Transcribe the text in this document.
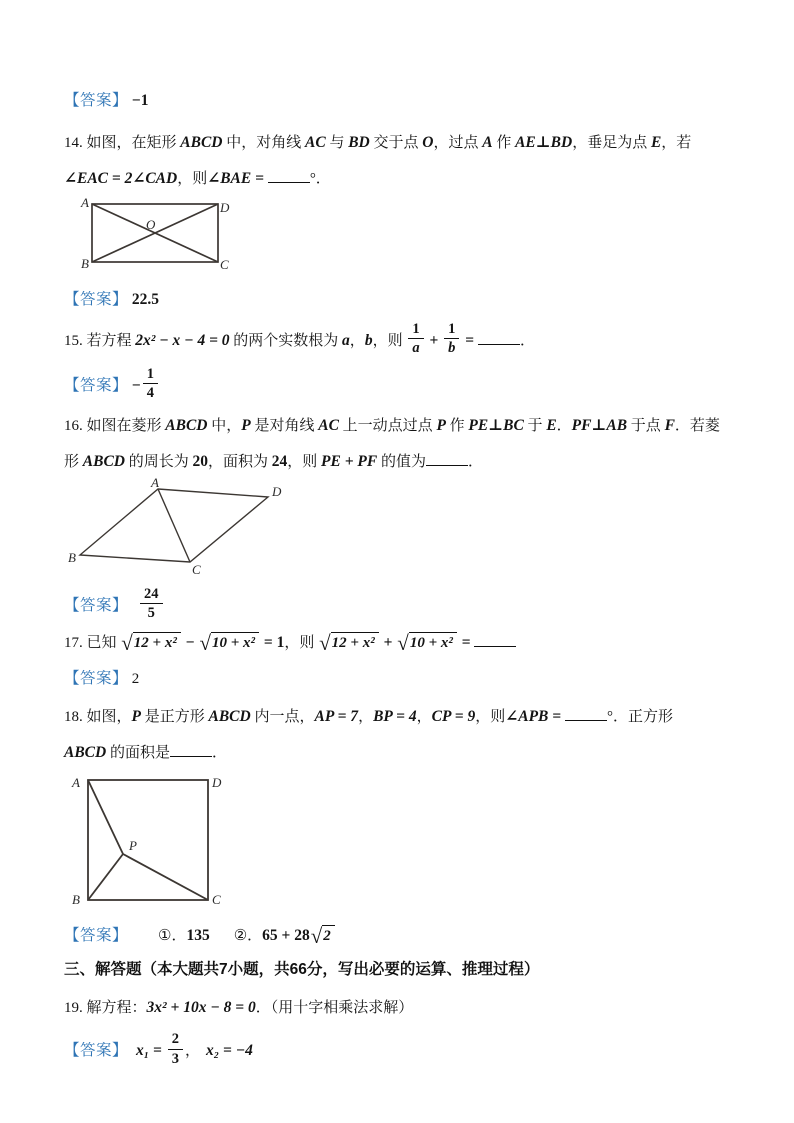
【答案】 −1
14. 如图，在矩形 ABCD 中，对角线 AC 与 BD 交于点 O，过点 A 作 AE⊥BD，垂足为点 E，若
∠EAC = 2∠CAD，则∠BAE =	°．
A	D
B	C
O
【答案】 22.5
15. 若方程 2x² − x − 4 = 0 的两个实数根为 a，b，则 $\frac{1}{a} + \frac{1}{b}$ =	．
【答案】 − $\frac{1}{4}$
16. 如图在菱形 ABCD 中，P 是对角线 AC 上一动点过点 P 作 PE⊥BC 于 E．PF⊥AB 于点 F．若菱
形 ABCD 的周长为 20，面积为 24，则 PE + PF 的值为	．
A
D
B
C
【答案】 $\frac{24}{5}$
17. 已知 √ 12 + x² − √ 10 + x² = 1，则 √ 12 + x² + √ 10 + x² =
【答案】 2
18. 如图，P 是正方形 ABCD 内一点，AP = 7，BP = 4，CP = 9，则∠APB =	°．正方形
ABCD 的面积是	．
A	D
B	C
P
【答案】 ①．135 ②．65 + 28 √ 2
三、解答题（本大题共7小题，共66分，写出必要的运算、推理过程）
19. 解方程：3x² + 10x − 8 = 0．（用十字相乘法求解）
【答案】 $x_1 = \frac{2}{3}$ ， x₂ = −4
